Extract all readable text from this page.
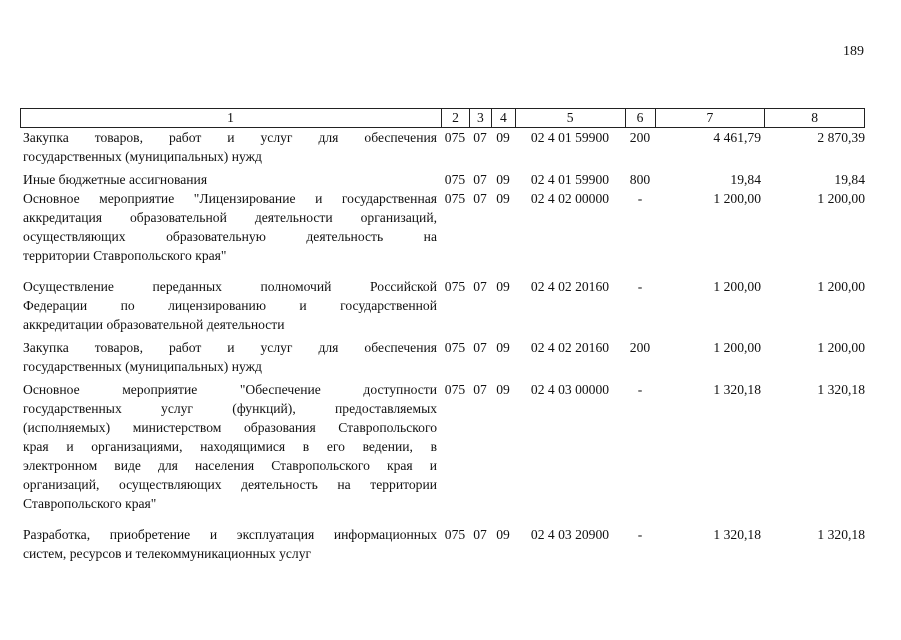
189
1	2	3	4	5	6	7	8
Закупка товаров, работ и услуг для обеспечения
государственных (муниципальных) нужд
075 07 09	02 4 01 59900	200	4 461,79	2 870,39
Иные бюджетные ассигнования	075 07 09	02 4 01 59900	800	19,84	19,84
Основное мероприятие "Лицензирование и государственная
аккредитация образовательной деятельности организаций,
осуществляющих образовательную деятельность на
территории Ставропольского края"
075 07 09	02 4 02 00000	-	1 200,00	1 200,00
Осуществление переданных полномочий Российской
Федерации по лицензированию и государственной
аккредитации образовательной деятельности
075 07 09	02 4 02 20160	-	1 200,00	1 200,00
Закупка товаров, работ и услуг для обеспечения
государственных (муниципальных) нужд
075 07 09	02 4 02 20160	200	1 200,00	1 200,00
Основное мероприятие "Обеспечение доступности
государственных услуг (функций), предоставляемых
(исполняемых) министерством образования Ставропольского
края и организациями, находящимися в его ведении, в
электронном виде для населения Ставропольского края и
организаций, осуществляющих деятельность на территории
Ставропольского края"
075 07 09	02 4 03 00000	-	1 320,18	1 320,18
Разработка, приобретение и эксплуатация информационных
систем, ресурсов и телекоммуникационных услуг
075 07 09	02 4 03 20900	-	1 320,18	1 320,18
